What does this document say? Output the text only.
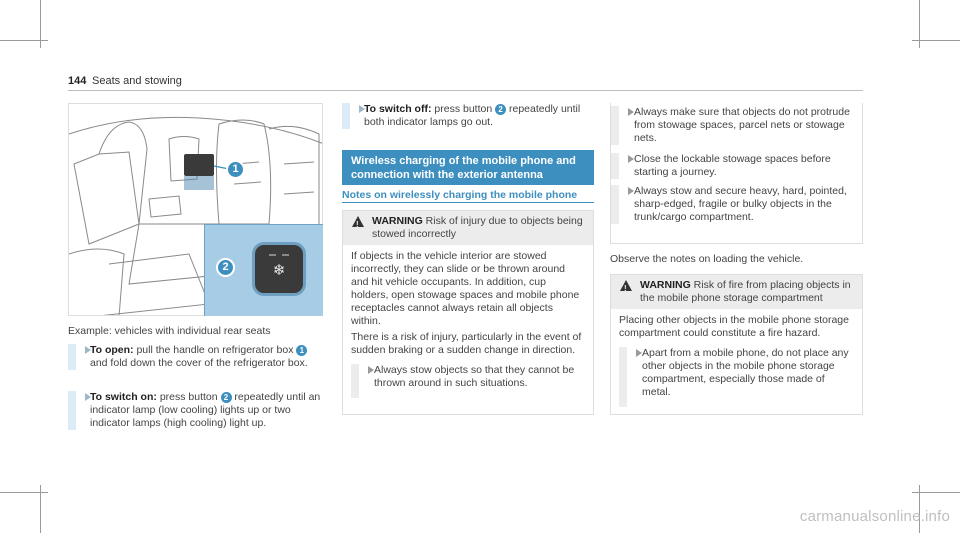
144 Seats and stowing
1
2	❄
Example: vehicles with individual rear seats
To open: pull the handle on refrigerator box 1 and fold down the cover of the refrigerator box.
To switch on: press button 2 repeatedly until an indicator lamp (low cooling) lights up or two indicator lamps (high cooling) light up.
To switch off: press button 2 repeatedly until both indicator lamps go out.
Wireless charging of the mobile phone and connection with the exterior antenna
Notes on wirelessly charging the mobile phone
!
WARNING Risk of injury due to objects being stowed incorrectly

If objects in the vehicle interior are stowed incorrectly, they can slide or be thrown around and hit vehicle occupants. In addition, cup holders, open stowage spaces and mobile phone receptacles cannot always retain all objects within.

There is a risk of injury, particularly in the event of sudden braking or a sudden change in direction.

Always stow objects so that they cannot be thrown around in such situations.
Always make sure that objects do not protrude from stowage spaces, parcel nets or stowage nets.
Close the lockable stowage spaces before starting a journey.
Always stow and secure heavy, hard, pointed, sharp-edged, fragile or bulky objects in the trunk/cargo compartment.
Observe the notes on loading the vehicle.
!
WARNING Risk of fire from placing objects in the mobile phone storage compartment

Placing other objects in the mobile phone storage compartment could constitute a fire hazard.

Apart from a mobile phone, do not place any other objects in the mobile phone storage compartment, especially those made of metal.
carmanualsonline.info
